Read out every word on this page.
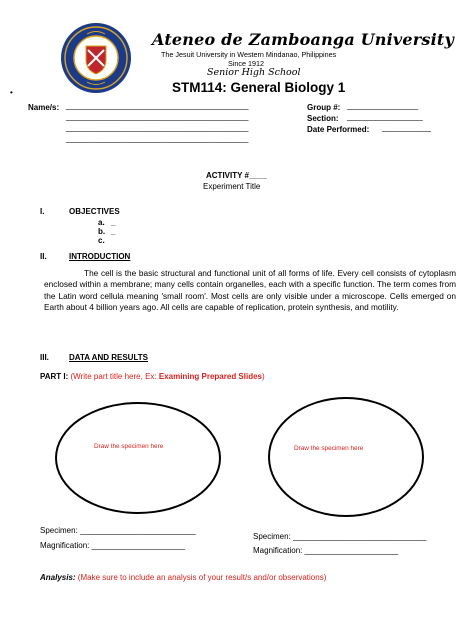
Ateneo de Zamboanga University
The Jesuit University in Western Mindanao, Philippines
Since 1912
Senior High School
STM114: General Biology 1
•
Name/s: _________________________________________
_________________________________________
_________________________________________
_________________________________________
Group #: ________________
Section: _________________
Date Performed: ___________
ACTIVITY #____
Experiment Title
I.	OBJECTIVES
a. _
b. _
c.
II.	INTRODUCTION
The cell is the basic structural and functional unit of all forms of life. Every cell consists of cytoplasm enclosed within a membrane; many cells contain organelles, each with a specific function. The term comes from the Latin word cellula meaning 'small room'. Most cells are only visible under a microscope. Cells emerged on Earth about 4 billion years ago. All cells are capable of replication, protein synthesis, and motility.
III.	DATA AND RESULTS
PART I: (Write part title here, Ex: Examining Prepared Slides)
Draw the specimen here	Draw the specimen here
Specimen: __________________________
Magnification: _____________________
Specimen: ______________________________
Magnification: _____________________
Analysis: (Make sure to include an analysis of your result/s and/or observations)
